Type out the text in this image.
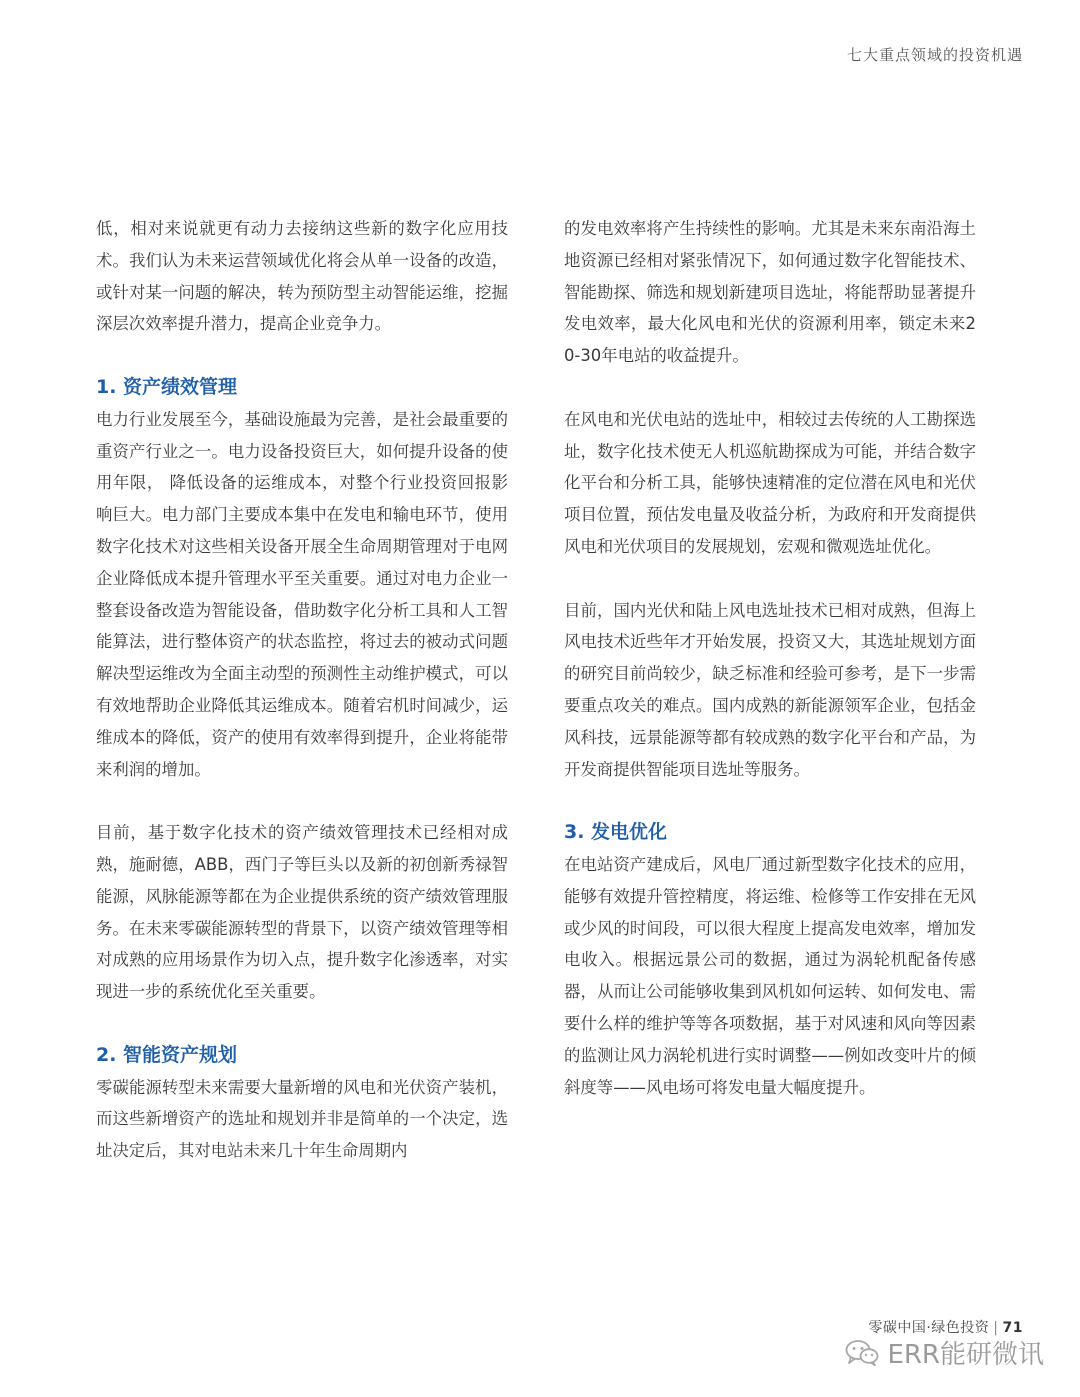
七大重点领域的投资机遇

低，相对来说就更有动力去接纳这些新的数字化应用技术。我们认为未来运营领域优化将会从单一设备的改造，或针对某一问题的解决，转为预防型主动智能运维，挖掘深层次效率提升潜力，提高企业竞争力。

1. 资产绩效管理

电力行业发展至今，基础设施最为完善，是社会最重要的重资产行业之一。电力设备投资巨大，如何提升设备的使用年限， 降低设备的运维成本，对整个行业投资回报影响巨大。电力部门主要成本集中在发电和输电环节，使用数字化技术对这些相关设备开展全生命周期管理对于电网企业降低成本提升管理水平至关重要。通过对电力企业一整套设备改造为智能设备，借助数字化分析工具和人工智能算法，进行整体资产的状态监控，将过去的被动式问题解决型运维改为全面主动型的预测性主动维护模式，可以有效地帮助企业降低其运维成本。随着宕机时间减少，运维成本的降低，资产的使用有效率得到提升，企业将能带来利润的增加。

目前，基于数字化技术的资产绩效管理技术已经相对成熟，施耐德，ABB，西门子等巨头以及新的初创新秀禄智能源，风脉能源等都在为企业提供系统的资产绩效管理服务。在未来零碳能源转型的背景下，以资产绩效管理等相对成熟的应用场景作为切入点，提升数字化渗透率，对实现进一步的系统优化至关重要。

2. 智能资产规划

零碳能源转型未来需要大量新增的风电和光伏资产装机，而这些新增资产的选址和规划并非是简单的一个决定，选址决定后，其对电站未来几十年生命周期内

的发电效率将产生持续性的影响。尤其是未来东南沿海土地资源已经相对紧张情况下，如何通过数字化智能技术、智能勘探、筛选和规划新建项目选址，将能帮助显著提升发电效率，最大化风电和光伏的资源利用率，锁定未来20-30年电站的收益提升。

在风电和光伏电站的选址中，相较过去传统的人工勘探选址，数字化技术使无人机巡航勘探成为可能，并结合数字化平台和分析工具，能够快速精准的定位潜在风电和光伏项目位置，预估发电量及收益分析，为政府和开发商提供风电和光伏项目的发展规划，宏观和微观选址优化。

目前，国内光伏和陆上风电选址技术已相对成熟，但海上风电技术近些年才开始发展，投资又大，其选址规划方面的研究目前尚较少，缺乏标准和经验可参考，是下一步需要重点攻关的难点。国内成熟的新能源领军企业，包括金风科技，远景能源等都有较成熟的数字化平台和产品，为开发商提供智能项目选址等服务。

3. 发电优化

在电站资产建成后，风电厂通过新型数字化技术的应用，能够有效提升管控精度，将运维、检修等工作安排在无风或少风的时间段，可以很大程度上提高发电效率，增加发电收入。根据远景公司的数据，通过为涡轮机配备传感器，从而让公司能够收集到风机如何运转、如何发电、需要什么样的维护等等各项数据，基于对风速和风向等因素的监测让风力涡轮机进行实时调整——例如改变叶片的倾斜度等——风电场可将发电量大幅度提升。

零碳中国·绿色投资 | 71
ERR能研微讯
